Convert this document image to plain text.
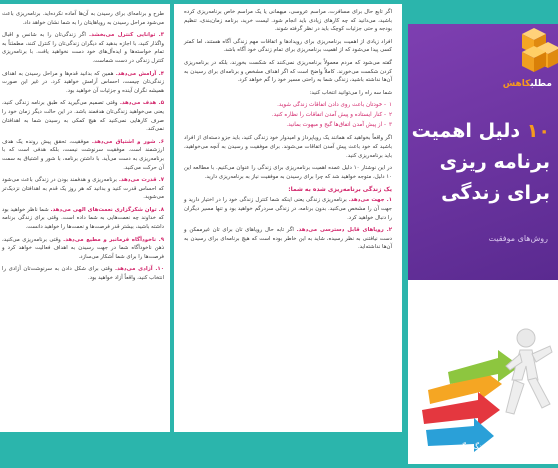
طرح و برنامه‌ای برای رسیدن به آن‌ها آماده نکرده‌اید. برنامه‌ریزی باعث می‌شود مراحل رسیدن به رویاهایتان را به شما نشان خواهد داد.

۳. توانایی کنترل می‌بخشد. اگر زندگی‌تان را به شانس و اقبال واگذار کنید، با اجازه بدهید که دیگران زندگی‌تان را کنترل کنند، مطمئناً به تمام خواسته‌ها و ایده‌آل‌های خود دست نخواهید یافت. با برنامه‌ریزی کنترل زندگی در دست شماست.

۴. آرامش می‌دهد. همین که بدانید قدم‌ها و مراحل رسیدن به اهداف زندگی‌تان چیست، احساس آرامش خواهید کرد. در غیر این صورت همیشه نگران آینده و جزئیات آن خواهید بود.

۵. هدف می‌دهد. وقتی تصمیم می‌گیرید که طبق برنامه زندگی کنید، یعنی می‌خواهید زندگی‌تان هدفمند باشد. در این حالت دیگر زمان خود را صرف کارهایی نمی‌کنید که هیچ کمکی به رسیدن شما به اهدافتان نمی‌کند.

۶. شور و اشتیاق می‌دهد. موفقیت، تحقق پیش رونده یک هدف ارزشمند است. موفقیت سرنوشت نیست، بلکه هدفی است که با برنامه‌ریزی به دست می‌آید. با داشتن برنامه، با شور و اشتیاق به سمت آن حرکت می‌کنید.

۷. قدرت می‌دهد. برنامه‌ریزی و هدفمند بودن در زندگی باعث می‌شود که احساس قدرت کنید و بدانید که هر روز یک قدم به اهدافتان نزدیک‌تر می‌شوید.

۸. توان شکرگزاری نعمت‌های الهی می‌دهد. شما ناظر خواهید بود که خداوند چه نعمت‌هایی به شما داده است. وقتی برای زندگی برنامه داشته باشید، بیشتر قدر فرصت‌ها و نعمت‌ها را خواهید دانست.

۹. ناخودآگاه فرمانبر و مطیع می‌دهد. وقتی برنامه‌ریزی می‌کنید، ذهن ناخودآگاه شما در جهت رسیدن به اهداف فعالیت خواهد کرد و فرصت‌ها را برای شما آشکار می‌سازد.

۱۰. آزادی می‌دهد. وقتی برای شکل دادن به سرنوشت‌تان آزادی را انتخاب کنید، واقعاً آزاد خواهید بود.

اگر تابع حال برای مسافرت، مراسم عروسی، میهمانی یا یک مراسم خاص برنامه‌ریزی کرده باشید، می‌دانید که چه کارهای زیادی باید انجام شود. لیست خرید، برنامه زمان‌بندی، تنظیم بودجه و حتی جزئیات کوچک باید در نظر گرفته شوند.

افراد زیادی از اهمیت برنامه‌ریزی برای رویدادها و اتفاقات مهم زندگی آگاه هستند، اما کمتر کسی پیدا می‌شود که از اهمیت برنامه‌ریزی برای تمام زندگی خود آگاه باشد.

گفته می‌شود که مردم معمولاً برنامه‌ریزی نمی‌کنند که شکست بخورند، بلکه در برنامه‌ریزی کردن شکست می‌خورند. کاملاً واضح است که اگر اهداف مشخص و برنامه‌ای برای رسیدن به آن‌ها نداشته باشید، زندگی شما به راحتی مسیر خود را گم خواهد کرد.

شما سه راه را می‌توانید انتخاب کنید:

۱- خودتان باعث روی دادن اتفاقات زندگی شوید.

۲- کنار ایستاده و پیش آمدن اتفاقات را نظاره کنید.

۳- از پیش آمدن اتفاق‌ها گیج و مبهوت بمانید.

اگر واقعاً بخواهید که همانند یک رویاپرداز و امیدوار خود زندگی کنید، باید جزو دسته‌ای از افراد باشید که خود باعث پیش آمدن اتفاقات می‌شوند. برای موفقیت و رسیدن به آنچه می‌خواهید، باید برنامه‌ریزی کنید.

در این نوشتار ۱۰ دلیل عمده اهمیت برنامه‌ریزی برای زندگی را عنوان می‌کنیم. با مطالعه این ۱۰ دلیل، متوجه خواهید شد که چرا برای رسیدن به موفقیت نیاز به برنامه‌ریزی دارید.

یک زندگی برنامه‌ریزی شده به شما:

۱. جهت می‌دهد. برنامه‌ریزی زندگی یعنی اینکه شما کنترل زندگی خود را در اختیار دارید و جهت آن را مشخص می‌کنید. بدون برنامه، در زندگی سردرگم خواهید بود و تنها مسیر دیگران را دنبال خواهید کرد.

۲. رویاهای قابل دسترسی می‌دهد. اگر تابه حال رویاهای تان برای تان غیرممکن و دست نیافتنی به نظر رسیده، شاید به این خاطر بوده است که هیچ برنامه‌ای برای رسیدن به آن‌ها نداشته‌اید.

مطلبکاهش
۱۰ دلیل اهمیت
برنامه ریزی
برای زندگی
روش‌های موفقیت
موسسه آموزشی فرهنگی گزینه دو
